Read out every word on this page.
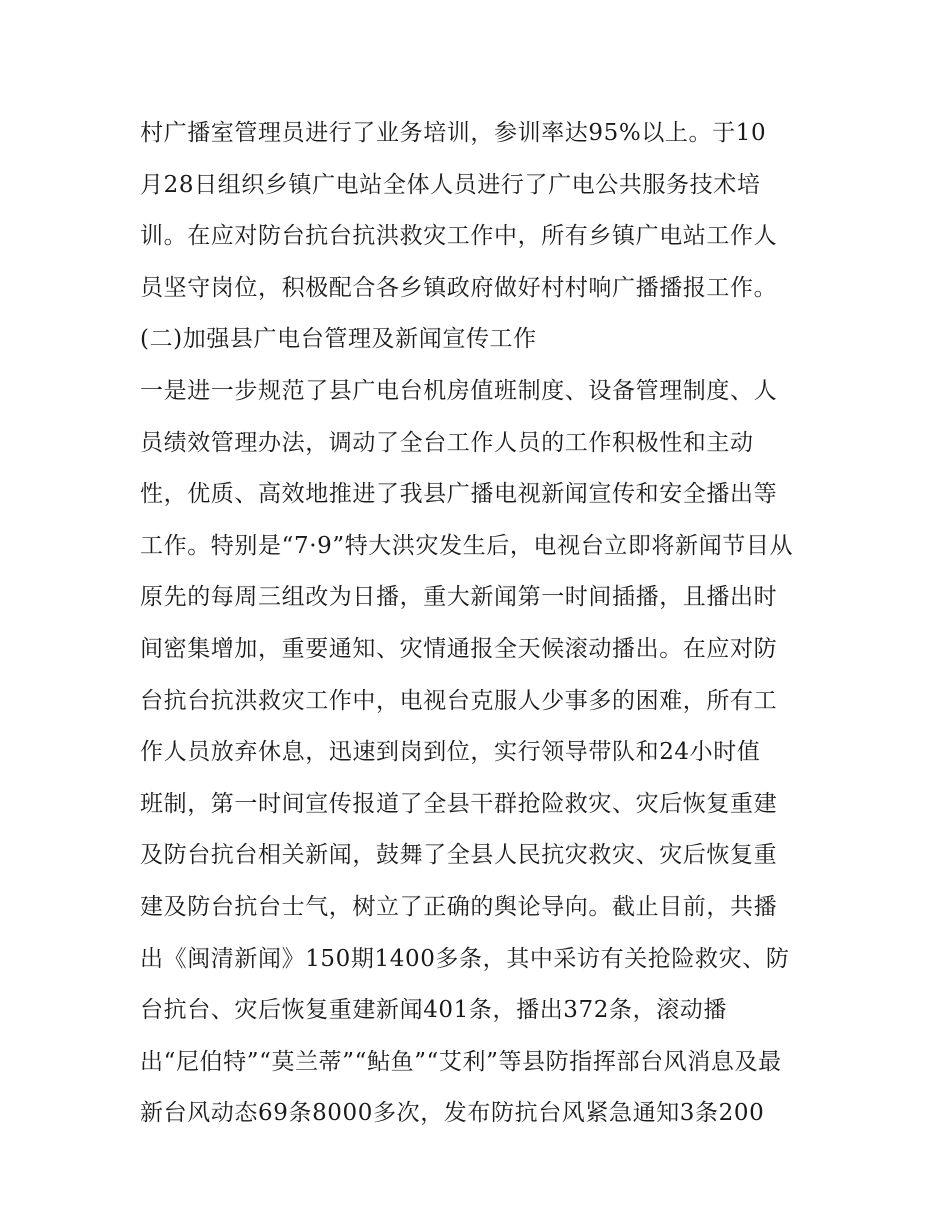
村广播室管理员进行了业务培训，参训率达95%以上。于10
月28日组织乡镇广电站全体人员进行了广电公共服务技术培
训。在应对防台抗台抗洪救灾工作中，所有乡镇广电站工作人
员坚守岗位，积极配合各乡镇政府做好村村响广播播报工作。
(二)加强县广电台管理及新闻宣传工作
一是进一步规范了县广电台机房值班制度、设备管理制度、人
员绩效管理办法，调动了全台工作人员的工作积极性和主动
性，优质、高效地推进了我县广播电视新闻宣传和安全播出等
工作。特别是“7·9”特大洪灾发生后，电视台立即将新闻节目从
原先的每周三组改为日播，重大新闻第一时间插播，且播出时
间密集增加，重要通知、灾情通报全天候滚动播出。在应对防
台抗台抗洪救灾工作中，电视台克服人少事多的困难，所有工
作人员放弃休息，迅速到岗到位，实行领导带队和24小时值
班制，第一时间宣传报道了全县干群抢险救灾、灾后恢复重建
及防台抗台相关新闻，鼓舞了全县人民抗灾救灾、灾后恢复重
建及防台抗台士气，树立了正确的舆论导向。截止目前，共播
出《闽清新闻》150期1400多条，其中采访有关抢险救灾、防
台抗台、灾后恢复重建新闻401条，播出372条，滚动播
出“尼伯特”“莫兰蒂”“鲇鱼”“艾利”等县防指挥部台风消息及最
新台风动态69条8000多次，发布防抗台风紧急通知3条200
